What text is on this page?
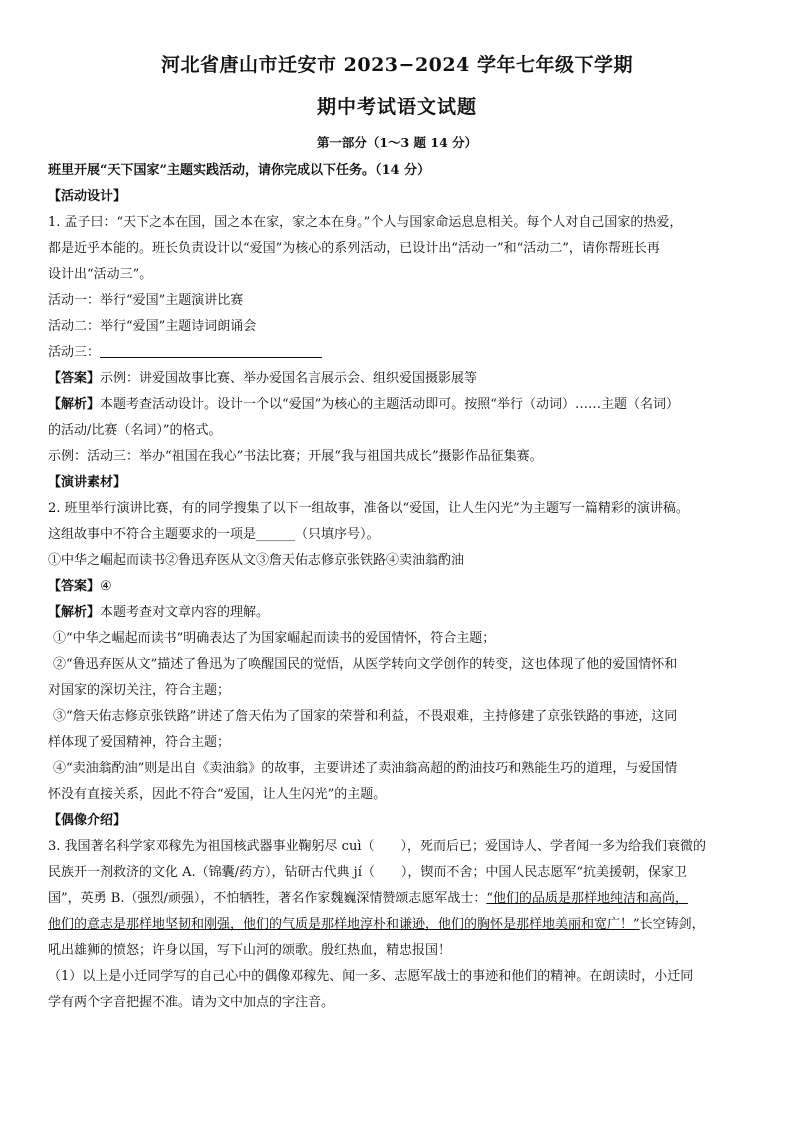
河北省唐山市迁安市 2023−2024 学年七年级下学期
期中考试语文试题
第一部分（1～3 题 14 分）
班里开展“天下国家”主题实践活动，请你完成以下任务。（14 分）
【活动设计】
1. 孟子曰：“天下之本在国，国之本在家，家之本在身。”个人与国家命运息息相关。每个人对自己国家的热爱，
都是近乎本能的。班长负责设计以“爱国”为核心的系列活动，已设计出“活动一”和“活动二”，请你帮班长再
设计出“活动三”。
活动一：举行“爱国”主题演讲比赛
活动二：举行“爱国”主题诗词朗诵会
活动三：
【答案】示例：讲爱国故事比赛、举办爱国名言展示会、组织爱国摄影展等
【解析】本题考查活动设计。设计一个以“爱国”为核心的主题活动即可。按照“举行（动词）……主题（名词）
的活动/比赛（名词）”的格式。
示例：活动三：举办“祖国在我心”书法比赛；开展“我与祖国共成长”摄影作品征集赛。
【演讲素材】
2. 班里举行演讲比赛，有的同学搜集了以下一组故事，准备以“爱国，让人生闪光”为主题写一篇精彩的演讲稿。
这组故事中不符合主题要求的一项是______（只填序号）。
①中华之崛起而读书②鲁迅弃医从文③詹天佑志修京张铁路④卖油翁酌油
【答案】④
【解析】本题考查对文章内容的理解。
①“中华之崛起而读书”明确表达了为国家崛起而读书的爱国情怀，符合主题；
②“鲁迅弃医从文”描述了鲁迅为了唤醒国民的觉悟，从医学转向文学创作的转变，这也体现了他的爱国情怀和
对国家的深切关注，符合主题；
③“詹天佑志修京张铁路”讲述了詹天佑为了国家的荣誉和利益，不畏艰难，主持修建了京张铁路的事迹，这同
样体现了爱国精神，符合主题；
④“卖油翁酌油”则是出自《卖油翁》的故事，主要讲述了卖油翁高超的酌油技巧和熟能生巧的道理，与爱国情
怀没有直接关系，因此不符合“爱国，让人生闪光”的主题。
【偶像介绍】
3. 我国著名科学家邓稼先为祖国核武器事业鞠躬尽 cuì（　　），死而后已；爱国诗人、学者闻一多为给我们衰微的
民族开一剂救济的文化 A.（锦囊/药方），钻研古代典 jí（　　），锲而不舍；中国人民志愿军“抗美援朝，保家卫
国”，英勇 B.（强烈/顽强），不怕牺牲，著名作家魏巍深情赞颂志愿军战士：“他们的品质是那样地纯洁和高尚，
他们的意志是那样地坚韧和刚强，他们的气质是那样地淳朴和谦逊，他们的胸怀是那样地美丽和宽广！”长空铸剑，
吼出雄狮的愤怒；许身以国，写下山河的颂歌。殷红热血，精忠报国！
（1）以上是小迁同学写的自己心中的偶像邓稼先、闻一多、志愿军战士的事迹和他们的精神。在朗读时，小迁同
学有两个字音把握不准。请为文中加点的字注音。
